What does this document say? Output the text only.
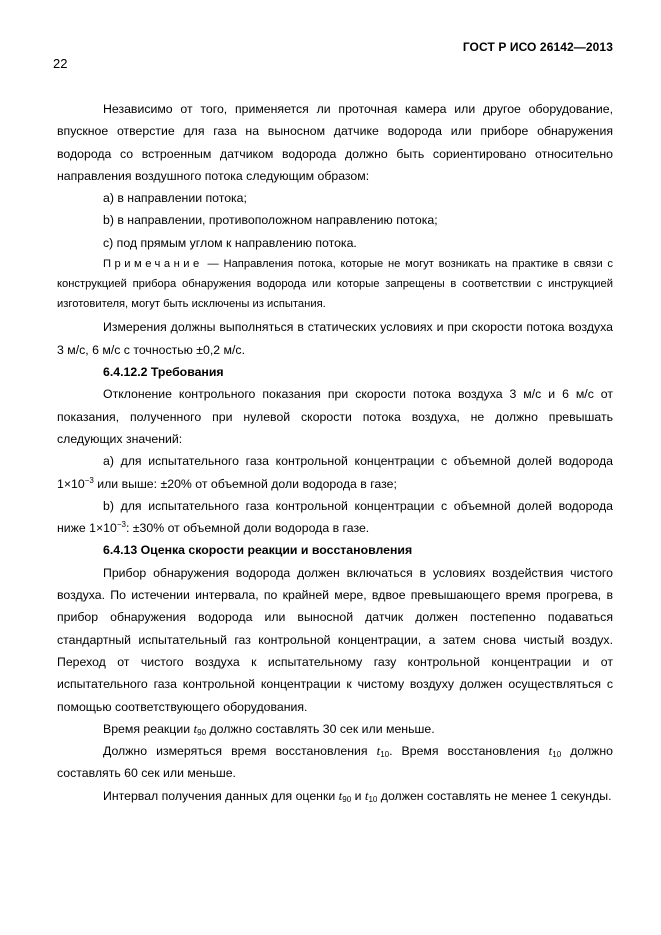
ГОСТ Р ИСО 26142—2013
22

Независимо от того, применяется ли проточная камера или другое оборудование, впускное отверстие для газа на выносном датчике водорода или приборе обнаружения водорода со встроенным датчиком водорода должно быть сориентировано относительно направления воздушного потока следующим образом:

a) в направлении потока;

b) в направлении, противоположном направлению потока;

c) под прямым углом к направлению потока.

Примечание — Направления потока, которые не могут возникать на практике в связи с конструкцией прибора обнаружения водорода или которые запрещены в соответствии с инструкцией изготовителя, могут быть исключены из испытания.

Измерения должны выполняться в статических условиях и при скорости потока воздуха 3 м/с, 6 м/с с точностью ±0,2 м/с.

6.4.12.2 Требования

Отклонение контрольного показания при скорости потока воздуха 3 м/с и 6 м/с от показания, полученного при нулевой скорости потока воздуха, не должно превышать следующих значений:

a) для испытательного газа контрольной концентрации с объемной долей водорода $1\times 10^{-3}$ или выше: ±20% от объемной доли водорода в газе;

b) для испытательного газа контрольной концентрации с объемной долей водорода ниже $1\times 10^{-3}$: ±30% от объемной доли водорода в газе.

6.4.13 Оценка скорости реакции и восстановления

Прибор обнаружения водорода должен включаться в условиях воздействия чистого воздуха. По истечении интервала, по крайней мере, вдвое превышающего время прогрева, в прибор обнаружения водорода или выносной датчик должен постепенно подаваться стандартный испытательный газ контрольной концентрации, а затем снова чистый воздух. Переход от чистого воздуха к испытательному газу контрольной концентрации и от испытательного газа контрольной концентрации к чистому воздуху должен осуществляться с помощью соответствующего оборудования.

Время реакции $t_{90}$ должно составлять 30 сек или меньше.

Должно измеряться время восстановления $t_{10}$. Время восстановления $t_{10}$ должно составлять 60 сек или меньше.

Интервал получения данных для оценки $t_{90}$ и $t_{10}$ должен составлять не менее 1 секунды.
